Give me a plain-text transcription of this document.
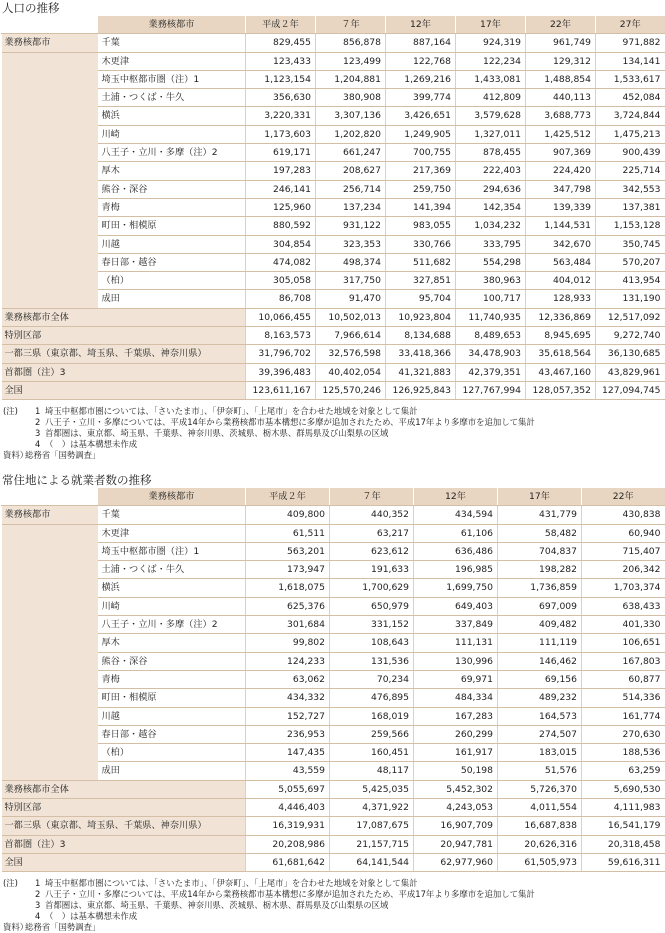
人口の推移
	業務核都市	平成２年	７年	12年	17年	22年	27年
業務核都市	千葉	829,455	856,878	887,164	924,319	961,749	971,882
	木更津	123,433	123,499	122,768	122,234	129,312	134,141
	埼玉中枢都市圏（注）1	1,123,154	1,204,881	1,269,216	1,433,081	1,488,854	1,533,617
	土浦・つくば・牛久	356,630	380,908	399,774	412,809	440,113	452,084
	横浜	3,220,331	3,307,136	3,426,651	3,579,628	3,688,773	3,724,844
	川崎	1,173,603	1,202,820	1,249,905	1,327,011	1,425,512	1,475,213
	八王子・立川・多摩（注）2	619,171	661,247	700,755	878,455	907,369	900,439
	厚木	197,283	208,627	217,369	222,403	224,420	225,714
	熊谷・深谷	246,141	256,714	259,750	294,636	347,798	342,553
	青梅	125,960	137,234	141,394	142,354	139,339	137,381
	町田・相模原	880,592	931,122	983,055	1,034,232	1,144,531	1,153,128
	川越	304,854	323,353	330,766	333,795	342,670	350,745
	春日部・越谷	474,082	498,374	511,682	554,298	563,484	570,207
	（柏）	305,058	317,750	327,851	380,963	404,012	413,954
	成田	86,708	91,470	95,704	100,717	128,933	131,190
業務核都市全体		10,066,455	10,502,013	10,923,804	11,740,935	12,336,869	12,517,092
特別区部		8,163,573	7,966,614	8,134,688	8,489,653	8,945,695	9,272,740
一都三県（東京都、埼玉県、千葉県、神奈川県）		31,796,702	32,576,598	33,418,366	34,478,903	35,618,564	36,130,685
首都圏（注）3		39,396,483	40,402,054	41,321,883	42,379,351	43,467,160	43,829,961
全国		123,611,167	125,570,246	126,925,843	127,767,994	128,057,352	127,094,745
(注) 1 埼玉中枢都市圏については、「さいたま市」、「伊奈町」、「上尾市」を合わせた地域を対象として集計
2 八王子・立川・多摩については、平成14年から業務核都市基本構想に多摩が追加されたため、平成17年より多摩市を追加して集計
3 首都圏は、東京都、埼玉県、千葉県、神奈川県、茨城県、栃木県、群馬県及び山梨県の区域
4 （　）は基本構想未作成
資料）総務省「国勢調査」
常住地による就業者数の推移
	業務核都市	平成２年	７年	12年	17年	22年
業務核都市	千葉	409,800	440,352	434,594	431,779	430,838
	木更津	61,511	63,217	61,106	58,482	60,940
	埼玉中枢都市圏（注）1	563,201	623,612	636,486	704,837	715,407
	土浦・つくば・牛久	173,947	191,633	196,985	198,282	206,342
	横浜	1,618,075	1,700,629	1,699,750	1,736,859	1,703,374
	川崎	625,376	650,979	649,403	697,009	638,433
	八王子・立川・多摩（注）2	301,684	331,152	337,849	409,482	401,330
	厚木	99,802	108,643	111,131	111,119	106,651
	熊谷・深谷	124,233	131,536	130,996	146,462	167,803
	青梅	63,062	70,234	69,971	69,156	60,877
	町田・相模原	434,332	476,895	484,334	489,232	514,336
	川越	152,727	168,019	167,283	164,573	161,774
	春日部・越谷	236,953	259,566	260,299	274,507	270,630
	（柏）	147,435	160,451	161,917	183,015	188,536
	成田	43,559	48,117	50,198	51,576	63,259
業務核都市全体		5,055,697	5,425,035	5,452,302	5,726,370	5,690,530
特別区部		4,446,403	4,371,922	4,243,053	4,011,554	4,111,983
一都三県（東京都、埼玉県、千葉県、神奈川県）		16,319,931	17,087,675	16,907,709	16,687,838	16,541,179
首都圏（注）3		20,208,986	21,157,715	20,947,781	20,626,316	20,318,458
全国		61,681,642	64,141,544	62,977,960	61,505,973	59,616,311
(注) 1 埼玉中枢都市圏については、「さいたま市」、「伊奈町」、「上尾市」を合わせた地域を対象として集計
2 八王子・立川・多摩については、平成14年から業務核都市基本構想に多摩が追加されたため、平成17年より多摩市を追加して集計
3 首都圏は、東京都、埼玉県、千葉県、神奈川県、茨城県、栃木県、群馬県及び山梨県の区域
4 （　）は基本構想未作成
資料）総務省「国勢調査」
